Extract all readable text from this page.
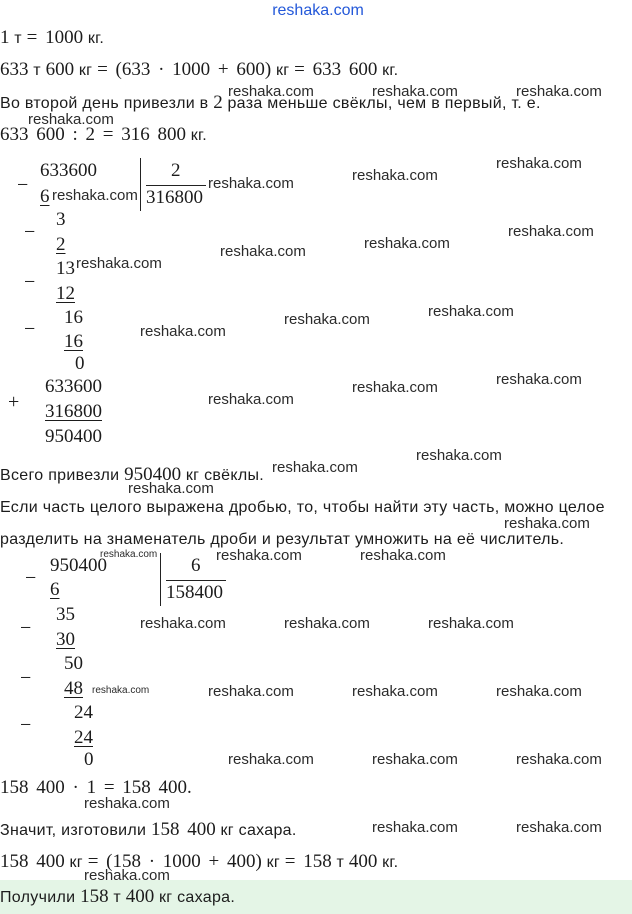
reshaka.com
1 т = 1000 кг.
633 т 600 кг = (633 · 1000 + 600) кг = 633 600 кг.
Во второй день привезли в 2 раза меньше свёклы, чем в первый, т. е.
633 600 : 2 = 316 800 кг.
−
633600
6
2
316800
−
3
2
−
13
12
−
16
16
0
633600
+ 316800
950400
Всего привезли 950400 кг свёклы.
Если часть целого выражена дробью, то, чтобы найти эту часть, можно целое
разделить на знаменатель дроби и результат умножить на её числитель.
950400
−
6
6
158400
−
35
30
−
50
48
−
24
24
0
158 400 · 1 = 158 400.
Значит, изготовили 158 400 кг сахара.
158 400 кг = (158 · 1000 + 400) кг = 158 т 400 кг.
Получили 158 т 400 кг сахара.
reshaka.com	reshaka.com	reshaka.com
reshaka.com
reshaka.com
reshaka.com
reshaka.com
reshaka.com
reshaka.com
reshaka.com
reshaka.com
reshaka.com
reshaka.com
reshaka.com
reshaka.com
reshaka.com
reshaka.com
reshaka.com
reshaka.com
reshaka.com
reshaka.com
reshaka.com
reshaka.com	reshaka.com	reshaka.com
reshaka.com	reshaka.com	reshaka.com
reshaka.com	reshaka.com	reshaka.com	reshaka.com
reshaka.com	reshaka.com	reshaka.com
reshaka.com
reshaka.com	reshaka.com
reshaka.com
